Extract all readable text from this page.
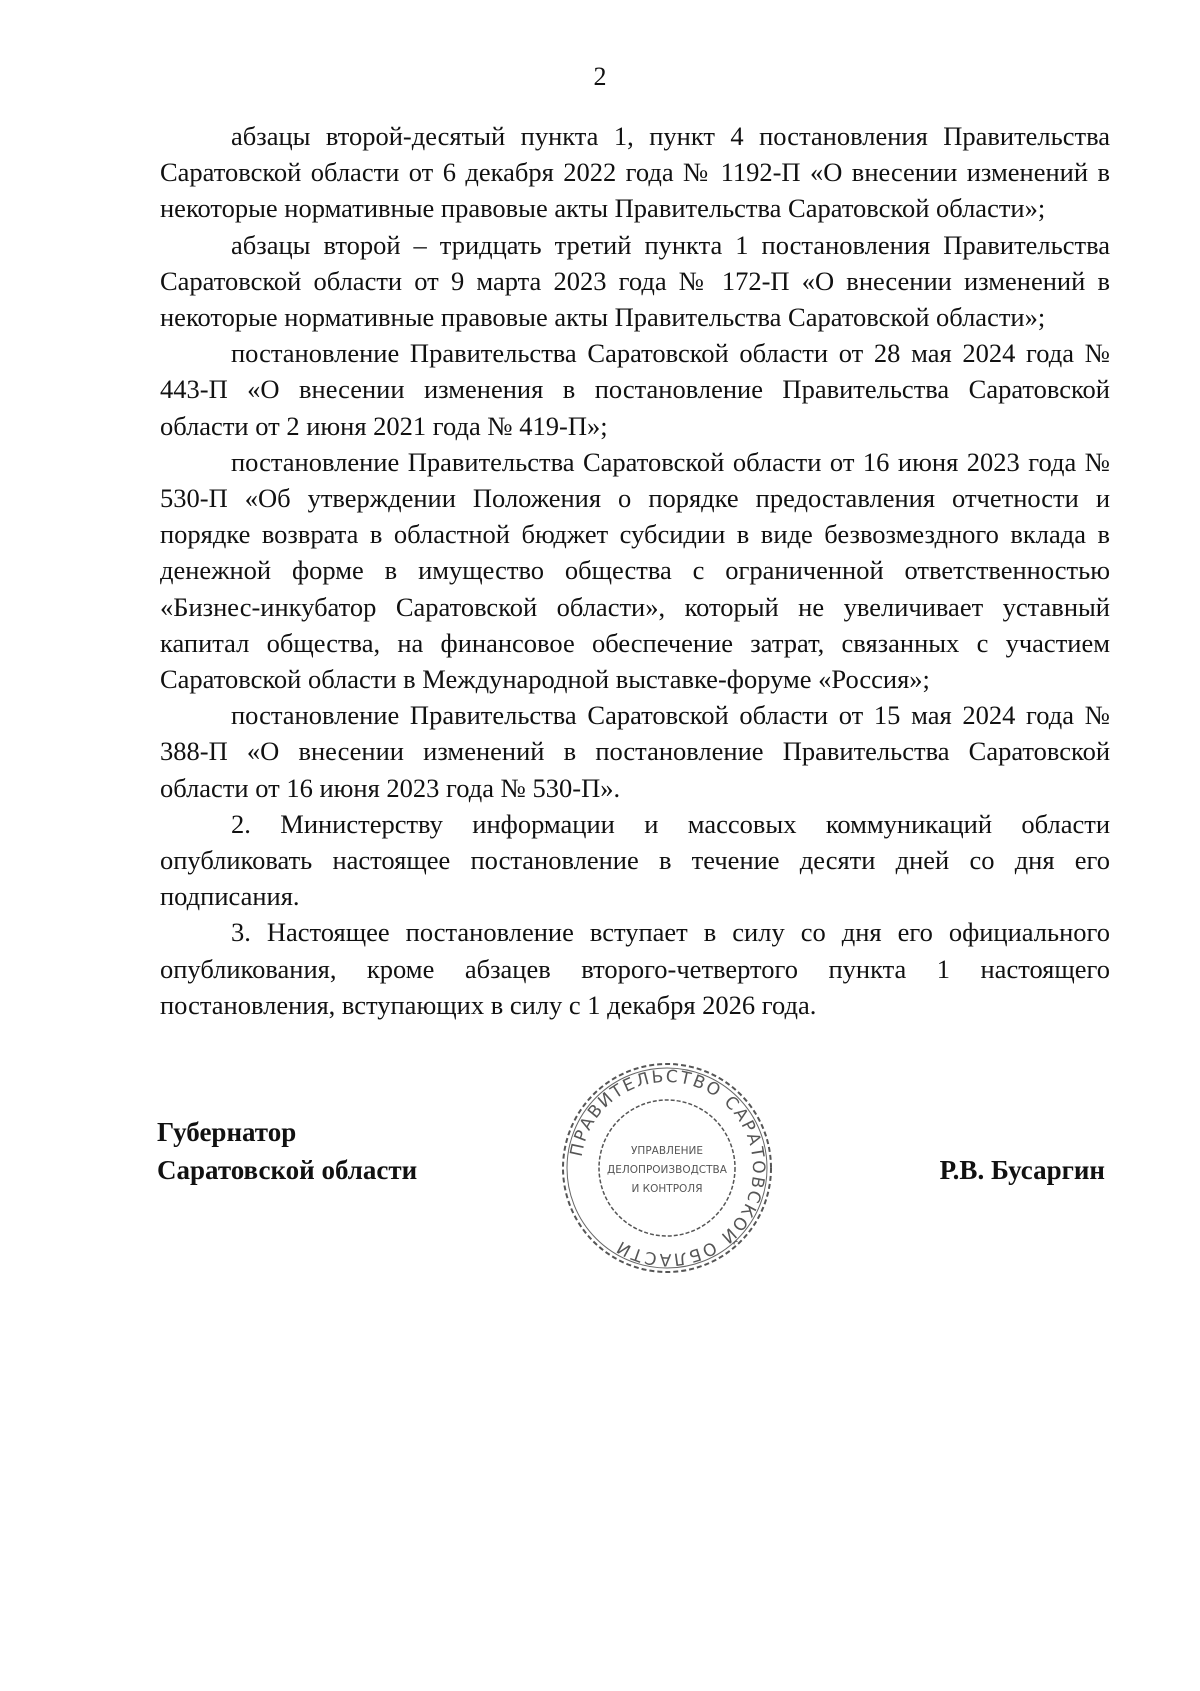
2

абзацы второй-десятый пункта 1, пункт 4 постановления Правительства Саратовской области от 6 декабря 2022 года № 1192-П «О внесении изменений в некоторые нормативные правовые акты Правительства Саратовской области»;

абзацы второй – тридцать третий пункта 1 постановления Правительства Саратовской области от 9 марта 2023 года № 172-П «О внесении изменений в некоторые нормативные правовые акты Правительства Саратовской области»;

постановление Правительства Саратовской области от 28 мая 2024 года № 443-П «О внесении изменения в постановление Правительства Саратовской области от 2 июня 2021 года № 419-П»;

постановление Правительства Саратовской области от 16 июня 2023 года № 530-П «Об утверждении Положения о порядке предоставления отчетности и порядке возврата в областной бюджет субсидии в виде безвозмездного вклада в денежной форме в имущество общества с ограниченной ответственностью «Бизнес-инкубатор Саратовской области», который не увеличивает уставный капитал общества, на финансовое обеспечение затрат, связанных с участием Саратовской области в Международной выставке-форуме «Россия»;

постановление Правительства Саратовской области от 15 мая 2024 года № 388-П «О внесении изменений в постановление Правительства Саратовской области от 16 июня 2023 года № 530-П».

2. Министерству информации и массовых коммуникаций области опубликовать настоящее постановление в течение десяти дней со дня его подписания.

3. Настоящее постановление вступает в силу со дня его официального опубликования, кроме абзацев второго-четвертого пункта 1 настоящего постановления, вступающих в силу с 1 декабря 2026 года.

Губернатор
Саратовской области	Р.В. Бусаргин
ПРАВИТЕЛЬСТВО САРАТОВСКОЙ ОБЛАСТИ
УПРАВЛЕНИЕ
ДЕЛОПРОИЗВОДСТВА
И КОНТРОЛЯ
